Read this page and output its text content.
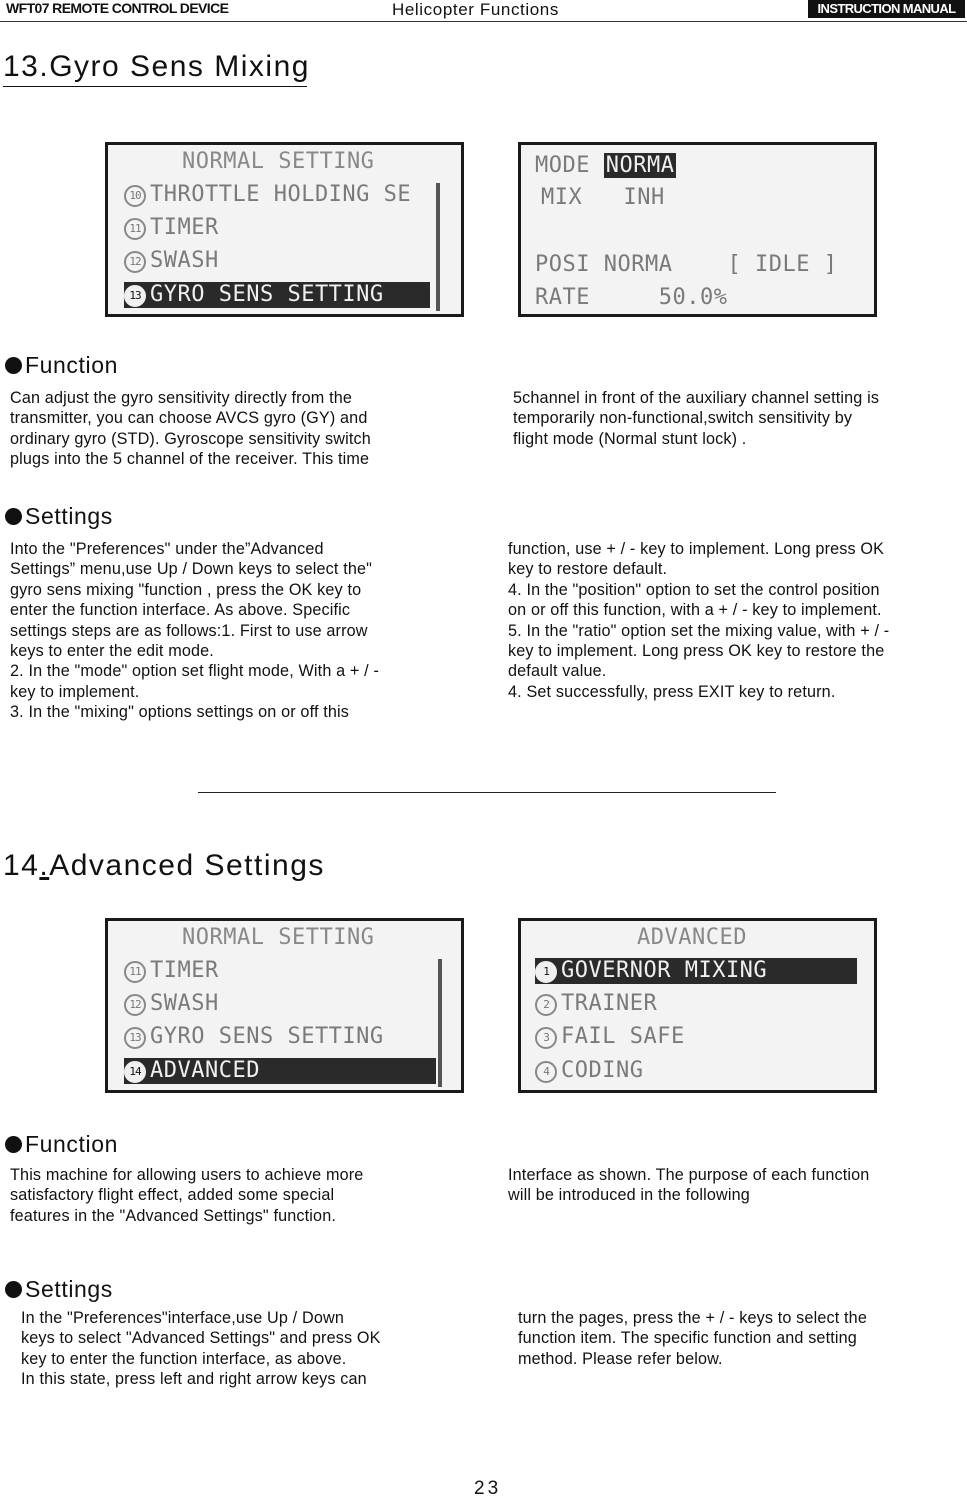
WFT07 REMOTE CONTROL DEVICE	Helicopter Functions	INSTRUCTION MANUAL
13.Gyro Sens Mixing
NORMAL SETTING
10 THROTTLE HOLDING SE
11 TIMER
12 SWASH
13 GYRO SENS SETTING
MODE NORMA
MIX INH
POSI NORMA [ IDLE ]
RATE	50.0%
Function

Can adjust the gyro sensitivity directly from the

transmitter, you can choose AVCS gyro (GY) and

ordinary gyro (STD). Gyroscope sensitivity switch

plugs into the 5 channel of the receiver. This time

5channel in front of the auxiliary channel setting is

temporarily non-functional,switch sensitivity by

flight mode (Normal stunt lock) .

Settings

Into the "Preferences" under the”Advanced

Settings” menu,use Up / Down keys to select the"

gyro sens mixing "function , press the OK key to

enter the function interface. As above. Specific

settings steps are as follows:1. First to use arrow

keys to enter the edit mode.

2. In the "mode" option set flight mode, With a + / -

key to implement.

3. In the "mixing" options settings on or off this

function, use + / - key to implement. Long press OK

key to restore default.

4. In the "position" option to set the control position

on or off this function, with a + / - key to implement.

5. In the "ratio" option set the mixing value, with + / -

key to implement. Long press OK key to restore the

default value.

4. Set successfully, press EXIT key to return.

14.Advanced Settings
NORMAL SETTING
11 TIMER
12 SWASH
13 GYRO SENS SETTING
14 ADVANCED
ADVANCED
1 GOVERNOR MIXING
2 TRAINER
3 FAIL SAFE
4 CODING
Function

This machine for allowing users to achieve more

satisfactory flight effect, added some special

features in the "Advanced Settings" function.

Interface as shown. The purpose of each function

will be introduced in the following

Settings

In the "Preferences"interface,use Up / Down

keys to select "Advanced Settings" and press OK

key to enter the function interface, as above.

In this state, press left and right arrow keys can

turn the pages, press the + / - keys to select the

function item. The specific function and setting

method. Please refer below.

23
